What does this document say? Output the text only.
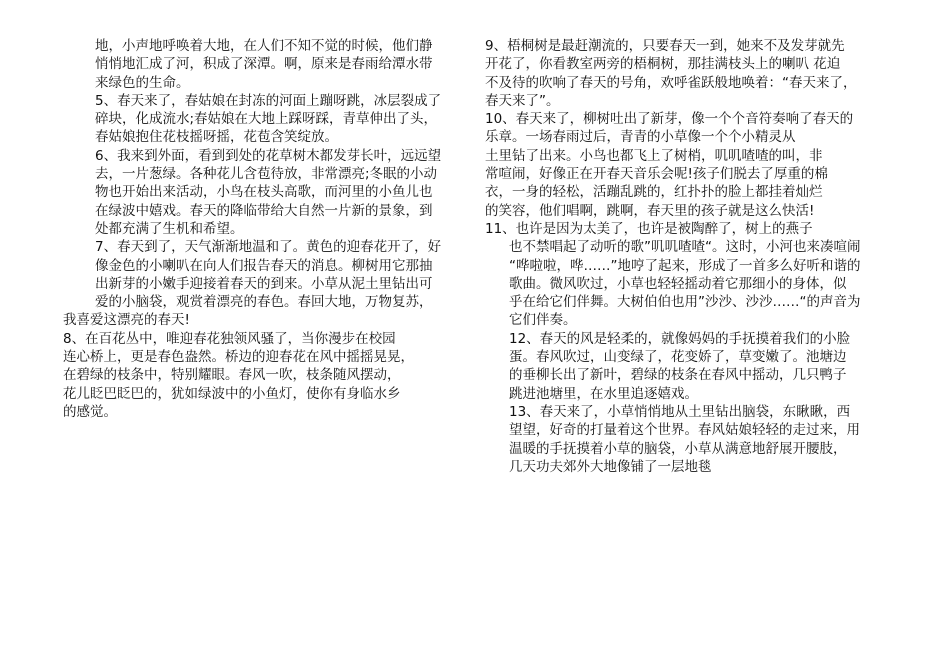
地，小声地呼唤着大地，在人们不知不觉的时候，他们静
悄悄地汇成了河，积成了深潭。啊，原来是春雨给潭水带
来绿色的生命。
5、春天来了，春姑娘在封冻的河面上蹦呀跳，冰层裂成了
碎块，化成流水;春姑娘在大地上踩呀踩，青草伸出了头，
春姑娘抱住花枝摇呀摇，花苞含笑绽放。
6、我来到外面，看到到处的花草树木都发芽长叶，远远望
去，一片葱绿。各种花儿含苞待放，非常漂亮;冬眠的小动
物也开始出来活动，小鸟在枝头高歌，而河里的小鱼儿也
在绿波中嬉戏。春天的降临带给大自然一片新的景象，到
处都充满了生机和希望。
7、春天到了，天气渐渐地温和了。黄色的迎春花开了，好
像金色的小喇叭在向人们报告春天的消息。柳树用它那抽
出新芽的小嫩手迎接着春天的到来。小草从泥土里钻出可
爱的小脑袋，观赏着漂亮的春色。春回大地，万物复苏，
我喜爱这漂亮的春天!
8、在百花丛中，唯迎春花独领风骚了，当你漫步在校园
连心桥上，更是春色盎然。桥边的迎春花在风中摇摇晃晃，
在碧绿的枝条中，特别耀眼。春风一吹，枝条随风摆动，
花儿眨巴眨巴的，犹如绿波中的小鱼灯，使你有身临水乡
的感觉。
9、梧桐树是最赶潮流的，只要春天一到，她来不及发芽就先
开花了，你看教室两旁的梧桐树，那挂满枝头上的喇叭 花迫
不及待的吹响了春天的号角，欢呼雀跃般地唤着：“春天来了，
春天来了”。
10、春天来了，柳树吐出了新芽，像一个个音符奏响了春天的
乐章。一场春雨过后，青青的小草像一个个小精灵从
土里钻了出来。小鸟也都飞上了树梢，叽叽喳喳的叫，非
常喧闹，好像正在开春天音乐会呢!孩子们脱去了厚重的棉
衣，一身的轻松，活蹦乱跳的，红扑扑的脸上都挂着灿烂
的笑容，他们唱啊，跳啊，春天里的孩子就是这么快活!
11、也许是因为太美了，也许是被陶醉了，树上的燕子
也不禁唱起了动听的歌”叽叽喳喳“。这时，小河也来凑喧闹
“哗啦啦，哗……”地哼了起来，形成了一首多么好听和谐的
歌曲。微风吹过，小草也轻轻摇动着它那细小的身体，似
乎在给它们伴舞。大树伯伯也用”沙沙、沙沙……“的声音为
它们伴奏。
12、春天的风是轻柔的，就像妈妈的手抚摸着我们的小脸
蛋。春风吹过，山变绿了，花变娇了，草变嫩了。池塘边
的垂柳长出了新叶，碧绿的枝条在春风中摇动，几只鸭子
跳进池塘里，在水里追逐嬉戏。
13、春天来了，小草悄悄地从土里钻出脑袋，东瞅瞅，西
望望，好奇的打量着这个世界。春风姑娘轻轻的走过来，用
温暖的手抚摸着小草的脑袋，小草从满意地舒展开腰肢，
几天功夫郊外大地像铺了一层地毯
